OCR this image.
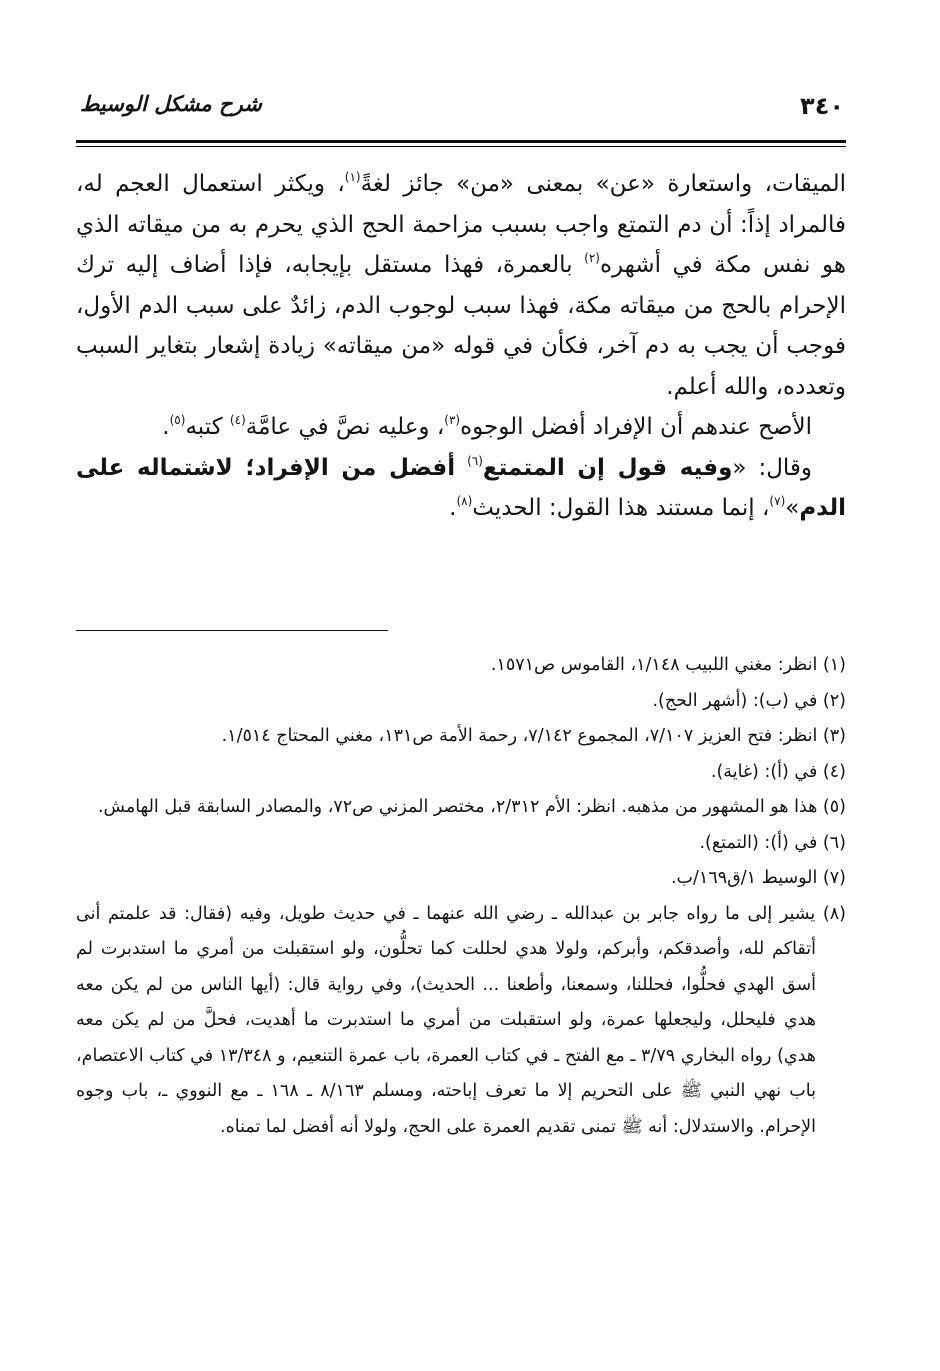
٣٤٠
شرح مشكل الوسيط

الميقات، واستعارة «عن» بمعنى «من» جائز لغةً$^{(١)}$، ويكثر استعمال العجم له، فالمراد إذاً: أن دم التمتع واجب بسبب مزاحمة الحج الذي يحرم به من ميقاته الذي هو نفس مكة في أشهره$^{(٢)}$ بالعمرة، فهذا مستقل بإيجابه، فإذا أضاف إليه ترك الإحرام بالحج من ميقاته مكة، فهذا سبب لوجوب الدم، زائدٌ على سبب الدم الأول، فوجب أن يجب به دم آخر، فكأن في قوله «من ميقاته» زيادة إشعار بتغاير السبب وتعدده، والله أعلم.

الأصح عندهم أن الإفراد أفضل الوجوه$^{(٣)}$، وعليه نصَّ في عامَّة$^{(٤)}$ كتبه$^{(٥)}$.

وقال: «وفيه قول إن المتمتع$^{(٦)}$ أفضل من الإفراد؛ لاشتماله على الدم»$^{(٧)}$، إنما مستند هذا القول: الحديث$^{(٨)}$.

(١) انظر: مغني اللبيب ١/١٤٨، القاموس ص١٥٧١.

(٢) في (ب): (أشهر الحج).

(٣) انظر: فتح العزيز ٧/١٠٧، المجموع ٧/١٤٢، رحمة الأمة ص١٣١، مغني المحتاج ١/٥١٤.

(٤) في (أ): (غاية).

(٥) هذا هو المشهور من مذهبه. انظر: الأم ٢/٣١٢، مختصر المزني ص٧٢، والمصادر السابقة قبل الهامش.

(٦) في (أ): (التمتع).

(٧) الوسيط ١/ق١٦٩/ب.

(٨) يشير إلى ما رواه جابر بن عبدالله ـ رضي الله عنهما ـ في حديث طويل، وفيه (فقال: قد علمتم أنى أتقاكم لله، وأصدقكم، وأبركم، ولولا هدي لحللت كما تحلُّون، ولو استقبلت من أمري ما استدبرت لم أسق الهدي فحلُّوا، فحللنا، وسمعنا، وأطعنا ... الحديث)، وفي رواية قال: (أيها الناس من لم يكن معه هدي فليحلل، وليجعلها عمرة، ولو استقبلت من أمري ما استدبرت ما أهديت، فحلَّ من لم يكن معه هدي) رواه البخاري ٣/٧٩ ـ مع الفتح ـ في كتاب العمرة، باب عمرة التنعيم، و ١٣/٣٤٨ في كتاب الاعتصام، باب نهي النبي ﷺ على التحريم إلا ما تعرف إباحته، ومسلم ٨/١٦٣ ـ ١٦٨ ـ مع النووي ـ، باب وجوه الإحرام. والاستدلال: أنه ﷺ تمنى تقديم العمرة على الحج، ولولا أنه أفضل لما تمناه.
